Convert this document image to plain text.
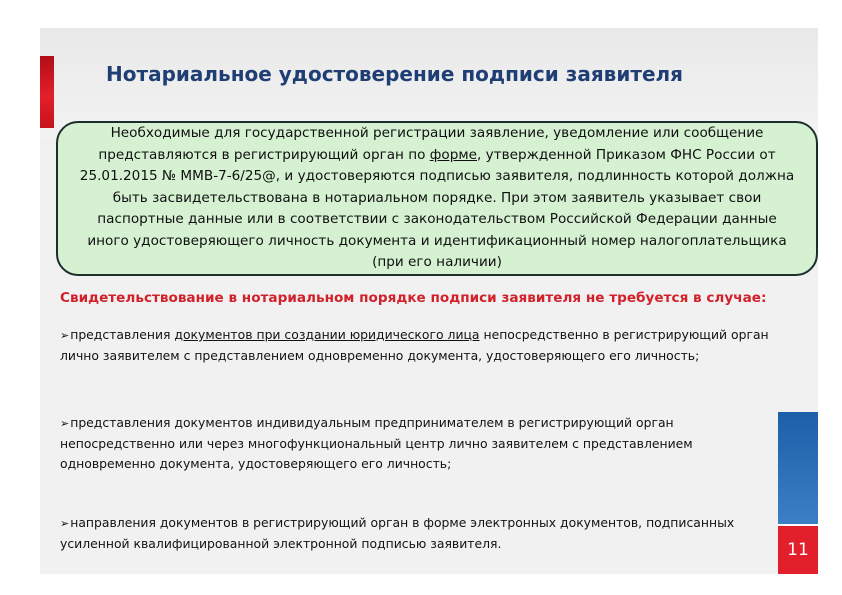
Нотариальное удостоверение подписи заявителя
Необходимые для государственной регистрации заявление, уведомление или сообщение представляются в регистрирующий орган по форме, утвержденной Приказом ФНС России от 25.01.2015 № ММВ-7-6/25@, и удостоверяются подписью заявителя, подлинность которой должна быть засвидетельствована в нотариальном порядке. При этом заявитель указывает свои паспортные данные или в соответствии с законодательством Российской Федерации данные иного удостоверяющего личность документа и идентификационный номер налогоплательщика (при его наличии)
Свидетельствование в нотариальном порядке подписи заявителя не требуется в случае:
➢представления документов при создании юридического лица непосредственно в регистрирующий орган лично заявителем с представлением одновременно документа, удостоверяющего его личность;
➢представления документов индивидуальным предпринимателем в регистрирующий орган непосредственно или через многофункциональный центр лично заявителем с представлением одновременно документа, удостоверяющего его личность;
➢направления документов в регистрирующий орган в форме электронных документов, подписанных усиленной квалифицированной электронной подписью заявителя.	11
